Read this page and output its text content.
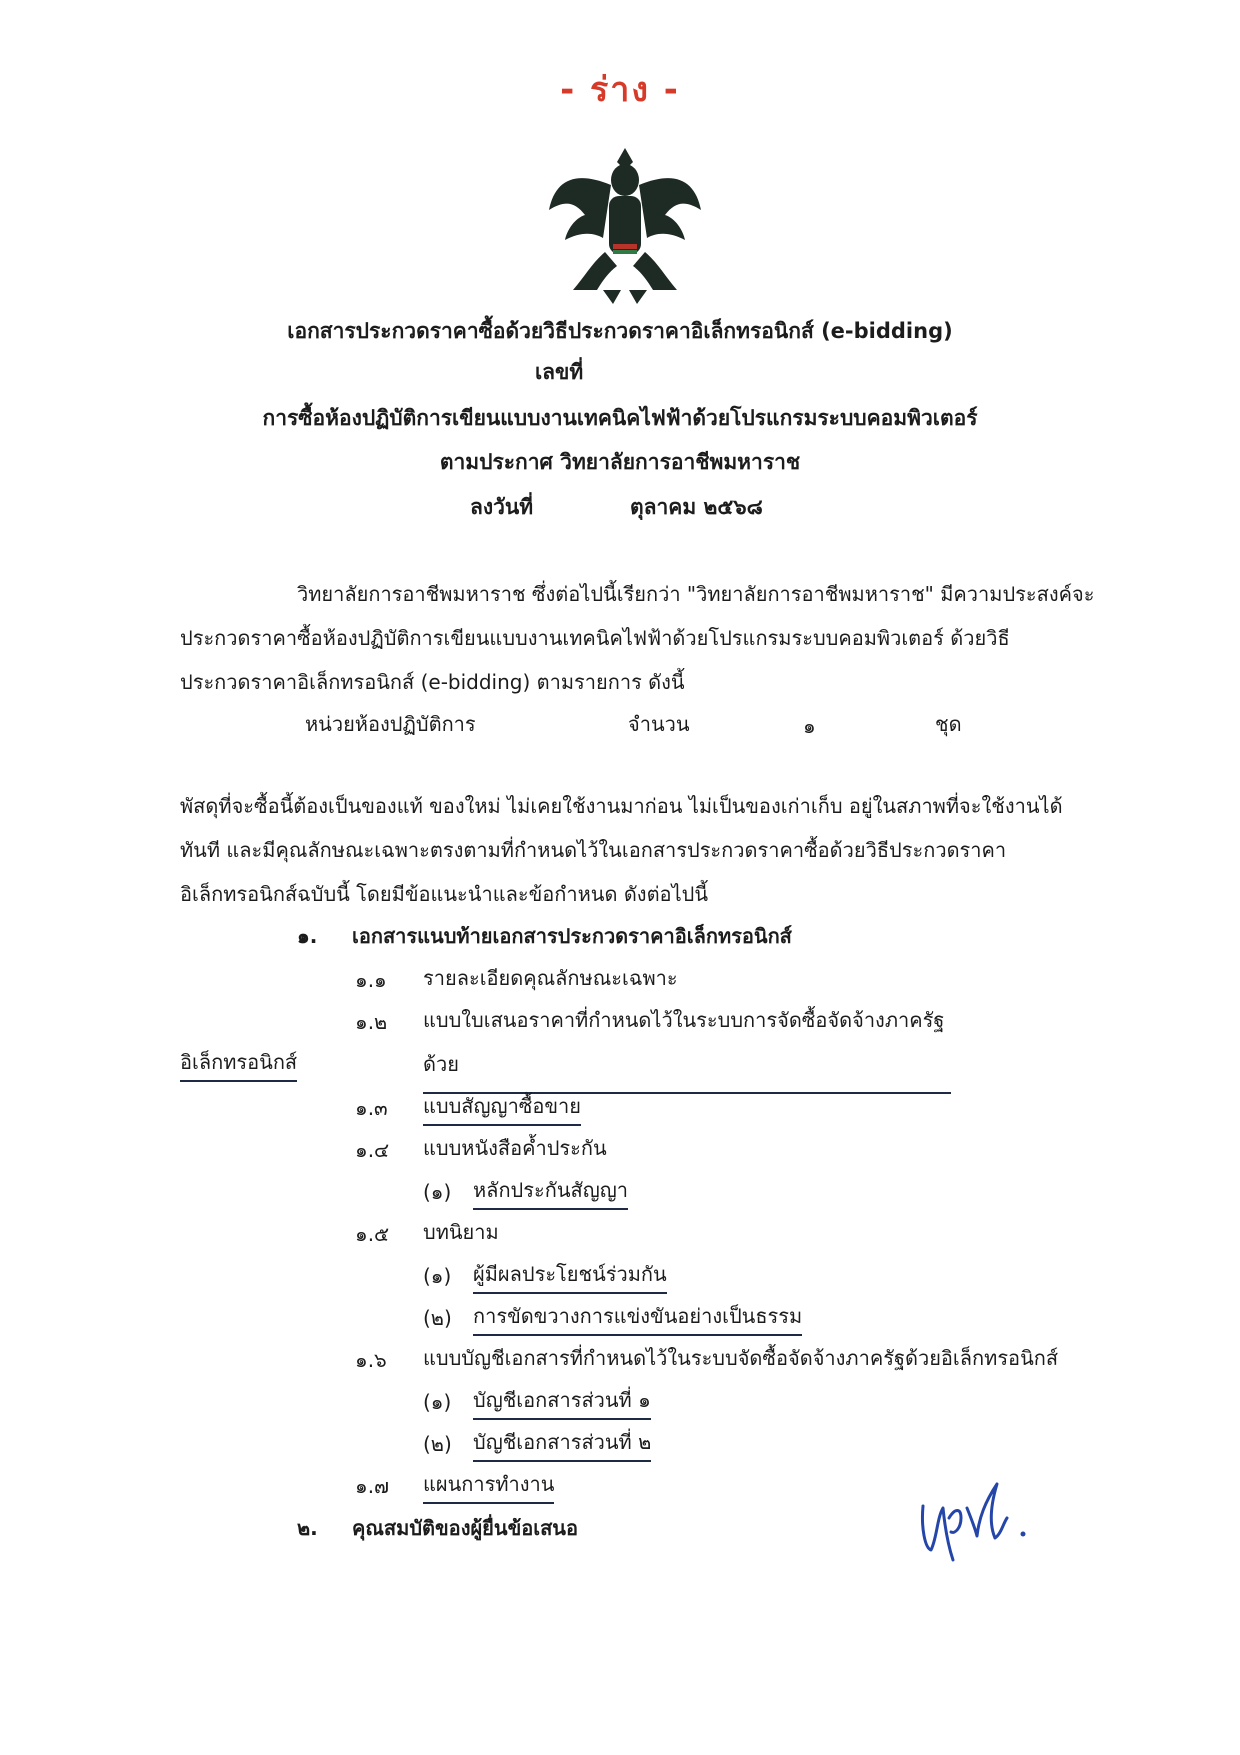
- ร่าง -
เอกสารประกวดราคาซื้อด้วยวิธีประกวดราคาอิเล็กทรอนิกส์ (e-bidding)
เลขที่
การซื้อห้องปฏิบัติการเขียนแบบงานเทคนิคไฟฟ้าด้วยโปรแกรมระบบคอมพิวเตอร์
ตามประกาศ วิทยาลัยการอาชีพมหาราช
ลงวันที่	ตุลาคม ๒๕๖๘
วิทยาลัยการอาชีพมหาราช ซึ่งต่อไปนี้เรียกว่า "วิทยาลัยการอาชีพมหาราช" มีความประสงค์จะ
ประกวดราคาซื้อห้องปฏิบัติการเขียนแบบงานเทคนิคไฟฟ้าด้วยโปรแกรมระบบคอมพิวเตอร์ ด้วยวิธี
ประกวดราคาอิเล็กทรอนิกส์ (e-bidding) ตามรายการ ดังนี้
หน่วยห้องปฏิบัติการ	จำนวน	๑	ชุด
พัสดุที่จะซื้อนี้ต้องเป็นของแท้ ของใหม่ ไม่เคยใช้งานมาก่อน ไม่เป็นของเก่าเก็บ อยู่ในสภาพที่จะใช้งานได้
ทันที และมีคุณลักษณะเฉพาะตรงตามที่กำหนดไว้ในเอกสารประกวดราคาซื้อด้วยวิธีประกวดราคา
อิเล็กทรอนิกส์ฉบับนี้ โดยมีข้อแนะนำและข้อกำหนด ดังต่อไปนี้
๑. เอกสารแนบท้ายเอกสารประกวดราคาอิเล็กทรอนิกส์
๑.๑ รายละเอียดคุณลักษณะเฉพาะ
๑.๒ แบบใบเสนอราคาที่กำหนดไว้ในระบบการจัดซื้อจัดจ้างภาครัฐด้วย
อิเล็กทรอนิกส์
๑.๓ แบบสัญญาซื้อขาย
๑.๔ แบบหนังสือค้ำประกัน
(๑) หลักประกันสัญญา
๑.๕ บทนิยาม
(๑) ผู้มีผลประโยชน์ร่วมกัน
(๒) การขัดขวางการแข่งขันอย่างเป็นธรรม
๑.๖ แบบบัญชีเอกสารที่กำหนดไว้ในระบบจัดซื้อจัดจ้างภาครัฐด้วยอิเล็กทรอนิกส์
(๑) บัญชีเอกสารส่วนที่ ๑
(๒) บัญชีเอกสารส่วนที่ ๒
๑.๗ แผนการทำงาน
๒. คุณสมบัติของผู้ยื่นข้อเสนอ
